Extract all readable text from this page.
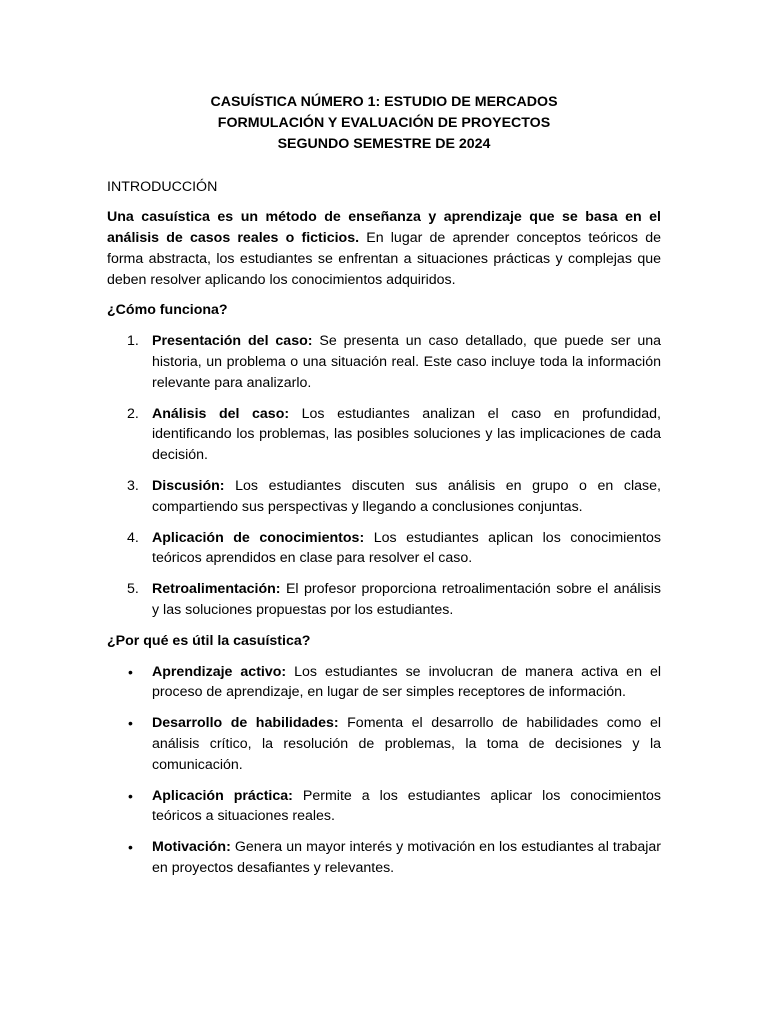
CASUÍSTICA NÚMERO 1: ESTUDIO DE MERCADOS
FORMULACIÓN Y EVALUACIÓN DE PROYECTOS
SEGUNDO SEMESTRE DE 2024
INTRODUCCIÓN

Una casuística es un método de enseñanza y aprendizaje que se basa en el análisis de casos reales o ficticios. En lugar de aprender conceptos teóricos de forma abstracta, los estudiantes se enfrentan a situaciones prácticas y complejas que deben resolver aplicando los conocimientos adquiridos.

¿Cómo funciona?
1. Presentación del caso: Se presenta un caso detallado, que puede ser una historia, un problema o una situación real. Este caso incluye toda la información relevante para analizarlo.
2. Análisis del caso: Los estudiantes analizan el caso en profundidad, identificando los problemas, las posibles soluciones y las implicaciones de cada decisión.
3. Discusión: Los estudiantes discuten sus análisis en grupo o en clase, compartiendo sus perspectivas y llegando a conclusiones conjuntas.
4. Aplicación de conocimientos: Los estudiantes aplican los conocimientos teóricos aprendidos en clase para resolver el caso.
5. Retroalimentación: El profesor proporciona retroalimentación sobre el análisis y las soluciones propuestas por los estudiantes.
¿Por qué es útil la casuística?
• Aprendizaje activo: Los estudiantes se involucran de manera activa en el proceso de aprendizaje, en lugar de ser simples receptores de información.
• Desarrollo de habilidades: Fomenta el desarrollo de habilidades como el análisis crítico, la resolución de problemas, la toma de decisiones y la comunicación.
• Aplicación práctica: Permite a los estudiantes aplicar los conocimientos teóricos a situaciones reales.
• Motivación: Genera un mayor interés y motivación en los estudiantes al trabajar en proyectos desafiantes y relevantes.
